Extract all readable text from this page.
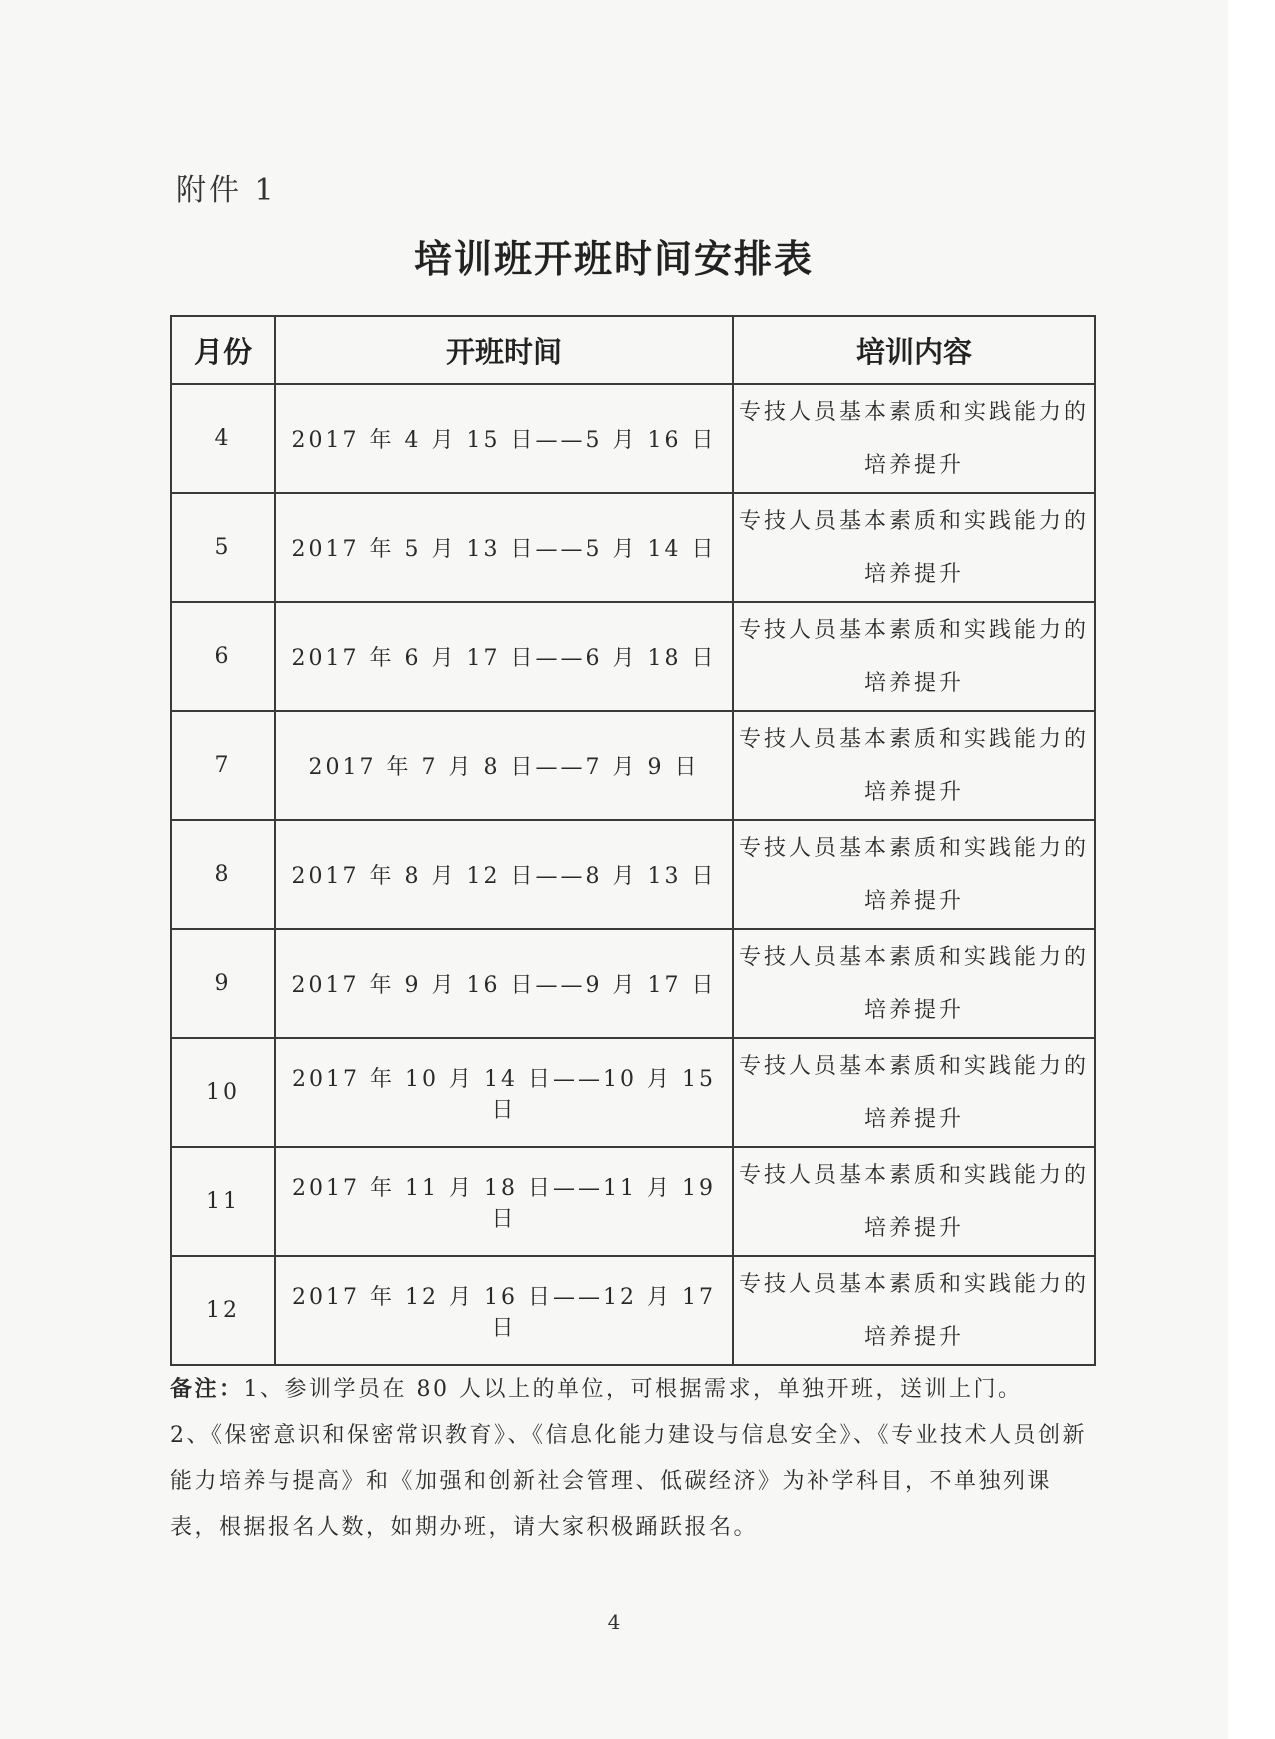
附件 1
培训班开班时间安排表
月份	开班时间	培训内容
4	2017 年 4 月 15 日——5 月 16 日	专技人员基本素质和实践能力的培养提升
5	2017 年 5 月 13 日——5 月 14 日	专技人员基本素质和实践能力的培养提升
6	2017 年 6 月 17 日——6 月 18 日	专技人员基本素质和实践能力的培养提升
7	2017 年 7 月 8 日——7 月 9 日	专技人员基本素质和实践能力的培养提升
8	2017 年 8 月 12 日——8 月 13 日	专技人员基本素质和实践能力的培养提升
9	2017 年 9 月 16 日——9 月 17 日	专技人员基本素质和实践能力的培养提升
10	2017 年 10 月 14 日——10 月 15 日	专技人员基本素质和实践能力的培养提升
11	2017 年 11 月 18 日——11 月 19 日	专技人员基本素质和实践能力的培养提升
12	2017 年 12 月 16 日——12 月 17 日	专技人员基本素质和实践能力的培养提升
备注：1、参训学员在 80 人以上的单位，可根据需求，单独开班，送训上门。
2、《保密意识和保密常识教育》、《信息化能力建设与信息安全》、《专业技术人员创新能力培养与提高》和《加强和创新社会管理、低碳经济》为补学科目，不单独列课表，根据报名人数，如期办班，请大家积极踊跃报名。
4
